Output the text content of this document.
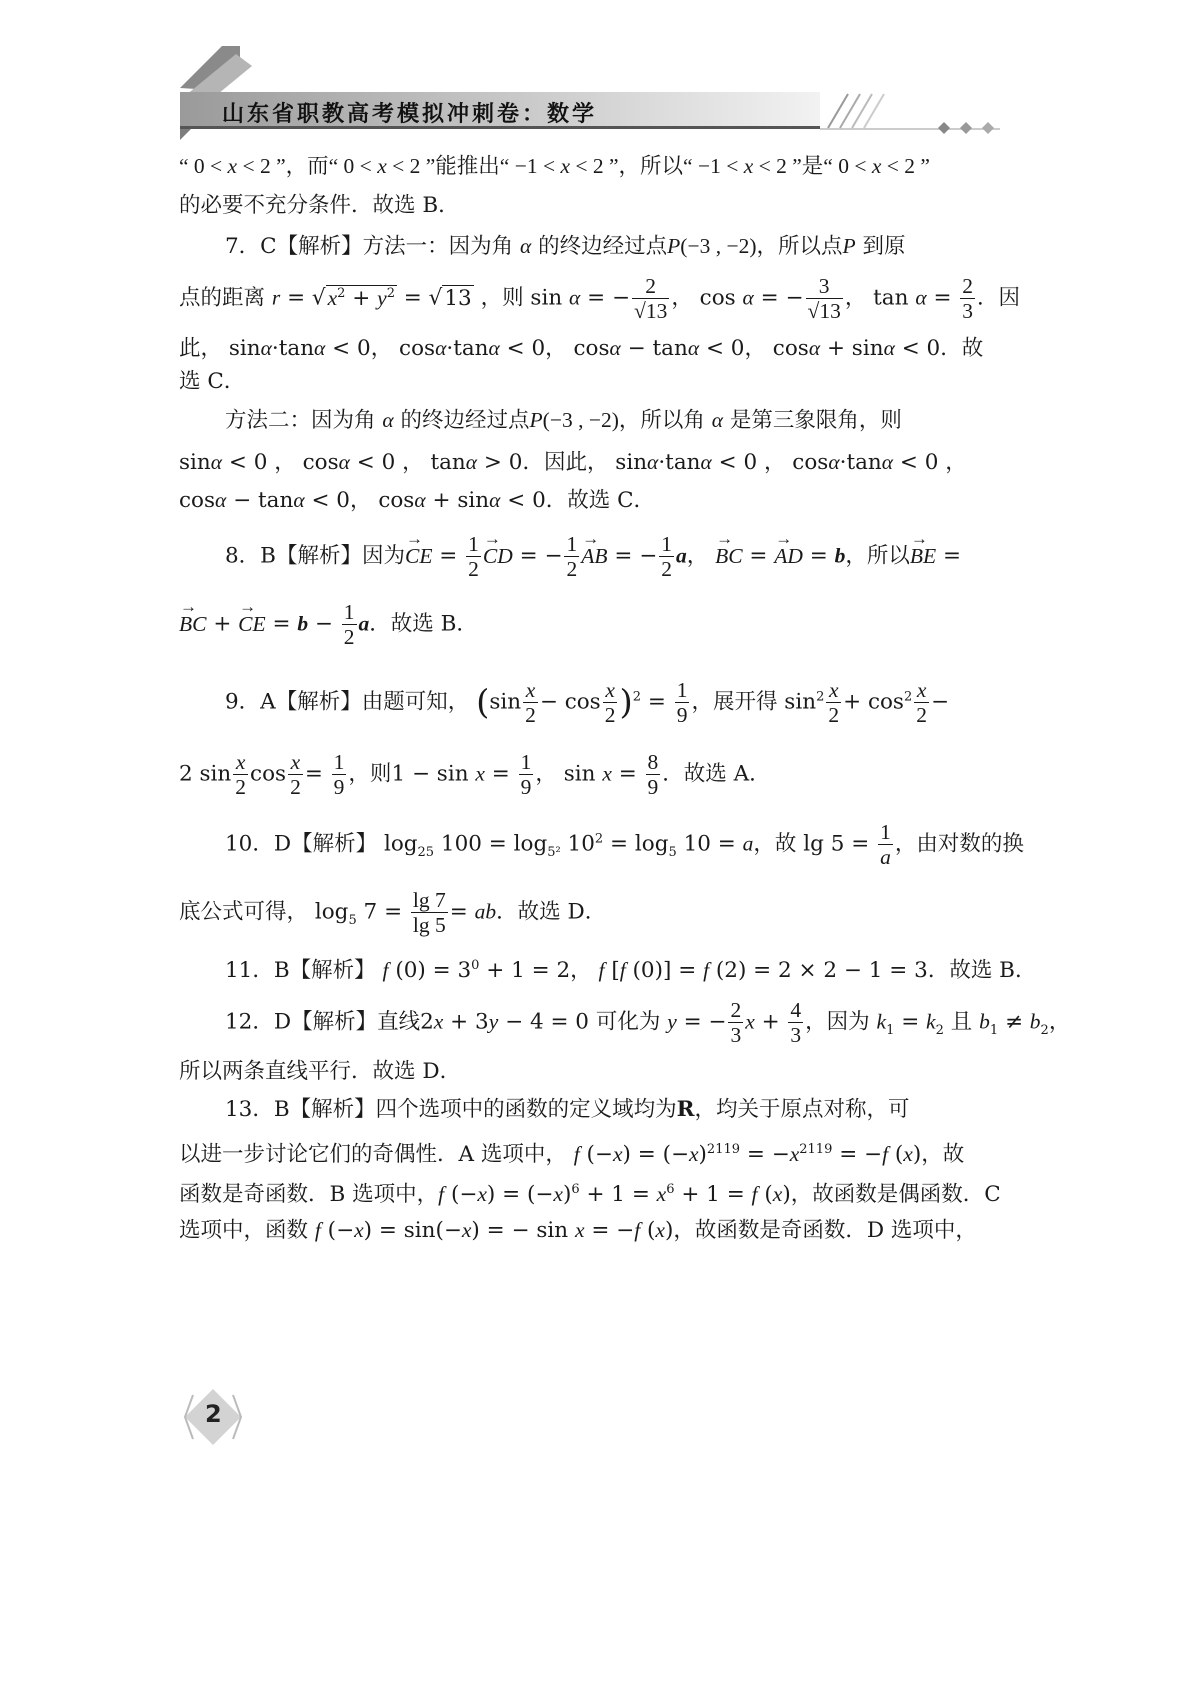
山东省职教高考模拟冲刺卷：数学
“ 0 < x < 2 ”，而“ 0 < x < 2 ”能推出“ −1 < x < 2 ”，所以“ −1 < x < 2 ”是“ 0 < x < 2 ”
的必要不充分条件．故选 B．
7．C【解析】方法一：因为角 α 的终边经过点P(−3 , −2)，所以点P 到原
点的距离 $r = √x^2 + y^2 = √13$ ，则 sin α = − $\frac{2}{√13}$ ， cos α = − $\frac{3}{√13}$ ， $\tan \alpha = \frac{2}{3}$ ．因
此， sinα·tanα < 0， cosα·tanα < 0， cosα − tanα < 0， cosα + sinα < 0．故
选 C．
方法二：因为角 α 的终边经过点P(−3 , −2)，所以角 α 是第三象限角，则
sinα < 0 ， cosα < 0 ， tanα > 0．因此， sinα·tanα < 0 ， cosα·tanα < 0 ，
cosα − tanα < 0， cosα + sinα < 0．故选 C．
8．B【解析】因为→ CE = $\frac{1}{2}$ → CD = − $\frac{1}{2}$ → AB = − $\frac{1}{2}$ a， → BC = → AD = b，所以→ BE =
→ BC + → CE = $b - \frac{1}{2}$ a．故选 B．
9．A【解析】由题可知， $(\sin \frac{x}{2} - \cos \frac{x}{2} )^2 = \frac{1}{9}$ ，展开得 $\sin^2 \frac{x}{2} + \cos^2 \frac{x}{2}$ −
2 $\sin \frac{x}{2}$ $\cos \frac{x}{2} = \frac{1}{9}$ ，则$1 - \sin x = \frac{1}{9}$ ， $\sin x = \frac{8}{9}$ ．故选 A．
10．D【解析】 $\log_{25} 100 = \log_{5^2} 10^2 = \log_5 10 = a$，故 $\lg 5 = \frac{1}{a}$ ，由对数的换
底公式可得， $\log_5 7 = \frac{\lg 7}{\lg 5}$ = ab．故选 D．
11．B【解析】 f $(0) = 3^0 + 1 = 2$， f [f (0)] = f (2) = 2 × 2 − 1 = 3．故选 B．
12．D【解析】直线2x + 3y − 4 = 0 可化为 y = − $\frac{2}{3}$ $x + \frac{4}{3}$ ，因为 $k_1 = k_2$ 且 $b_1 \ne b_2$，
所以两条直线平行．故选 D．
13．B【解析】四个选项中的函数的定义域均为R，均关于原点对称，可
以进一步讨论它们的奇偶性．A 选项中， f $(-x) = (-x)^{2119} = -x^{2119} = -f$ (x)，故
函数是奇函数．B 选项中，f $(-x) = (-x)^6 + 1 = x^6 + 1 = f$ (x)，故函数是偶函数．C
选项中，函数 f (−x) = sin(−x) = − sin x = −f (x)，故函数是奇函数．D 选项中，
2
